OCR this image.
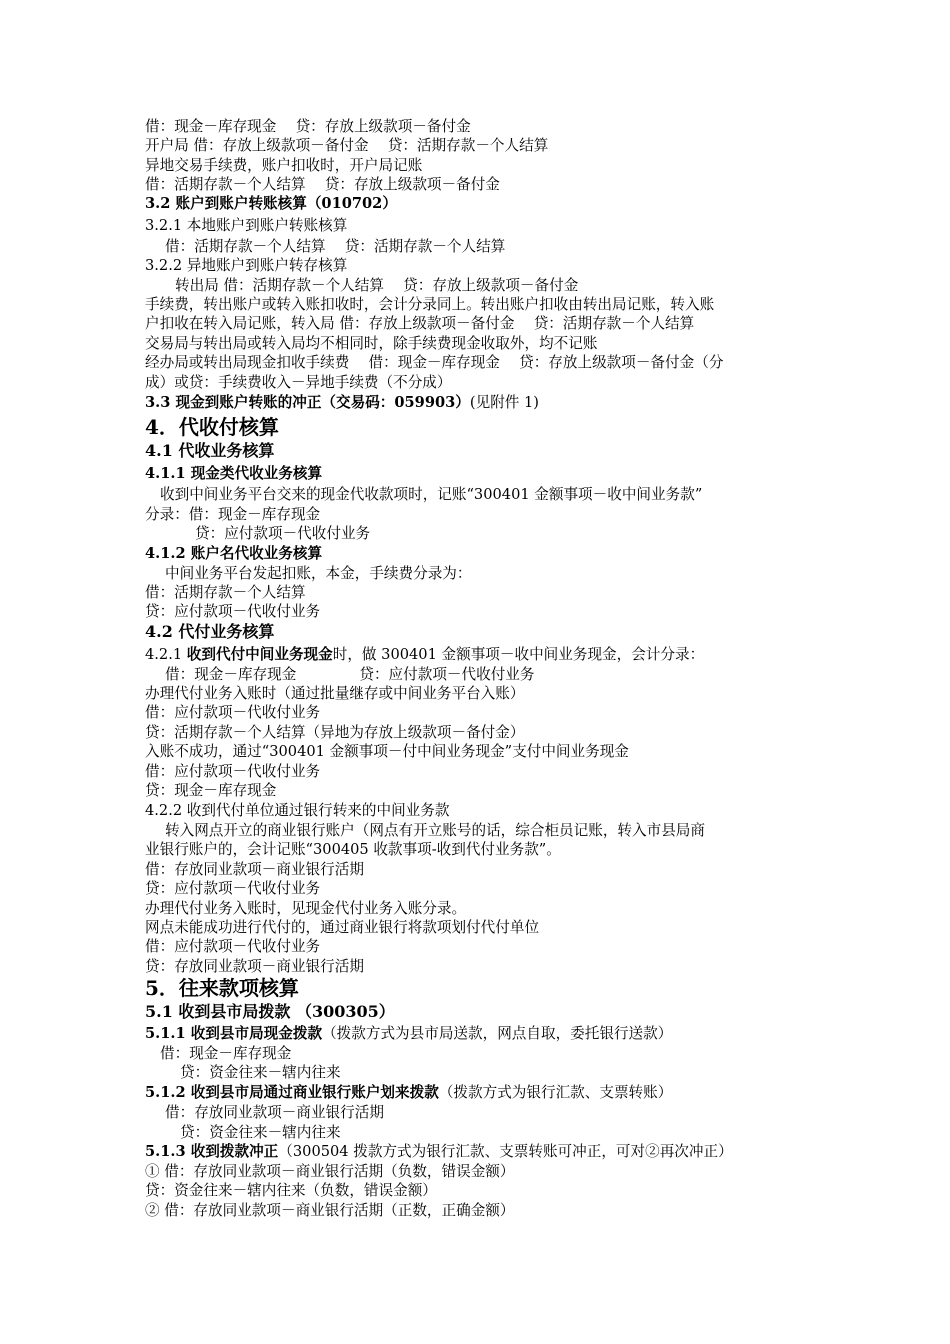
借：现金－库存现金 　贷：存放上级款项－备付金
开户局 借：存放上级款项－备付金 　贷：活期存款－个人结算
异地交易手续费，账户扣收时，开户局记账
借：活期存款－个人结算 　贷：存放上级款项－备付金
3.2 账户到账户转账核算（010702）
3.2.1 本地账户到账户转账核算
借：活期存款－个人结算 　贷：活期存款－个人结算
3.2.2 异地账户到账户转存核算
转出局 借：活期存款－个人结算 　贷：存放上级款项－备付金
手续费，转出账户或转入账扣收时，会计分录同上。转出账户扣收由转出局记账，转入账
户扣收在转入局记账，转入局 借：存放上级款项－备付金 　贷：活期存款－个人结算
交易局与转出局或转入局均不相同时，除手续费现金收取外，均不记账
经办局或转出局现金扣收手续费 　借：现金－库存现金 　贷：存放上级款项－备付金（分
成）或贷：手续费收入－异地手续费（不分成）
3.3 现金到账户转账的冲正（交易码：059903）(见附件 1)
4．代收付核算
4.1 代收业务核算
4.1.1 现金类代收业务核算
收到中间业务平台交来的现金代收款项时，记账“300401 金额事项－收中间业务款”
分录：借：现金－库存现金
贷：应付款项－代收付业务
4.1.2 账户名代收业务核算
中间业务平台发起扣账，本金，手续费分录为：
借：活期存款－个人结算
贷：应付款项－代收付业务
4.2 代付业务核算
4.2.1 收到代付中间业务现金时，做 300401 金额事项－收中间业务现金，会计分录：
借：现金－库存现金 　　　　贷：应付款项－代收付业务
办理代付业务入账时（通过批量继存或中间业务平台入账）
借：应付款项－代收付业务
贷：活期存款－个人结算（异地为存放上级款项－备付金）
入账不成功，通过“300401 金额事项－付中间业务现金”支付中间业务现金
借：应付款项－代收付业务
贷：现金－库存现金
4.2.2 收到代付单位通过银行转来的中间业务款
转入网点开立的商业银行账户（网点有开立账号的话，综合柜员记账，转入市县局商
业银行账户的，会计记账“300405 收款事项-收到代付业务款”。
借：存放同业款项－商业银行活期
贷：应付款项－代收付业务
办理代付业务入账时，见现金代付业务入账分录。
网点未能成功进行代付的，通过商业银行将款项划付代付单位
借：应付款项－代收付业务
贷：存放同业款项－商业银行活期
5．往来款项核算
5.1 收到县市局拨款 （300305）
5.1.1 收到县市局现金拨款（拨款方式为县市局送款，网点自取，委托银行送款）
借：现金－库存现金
贷：资金往来－辖内往来
5.1.2 收到县市局通过商业银行账户划来拨款（拨款方式为银行汇款、支票转账）
借：存放同业款项－商业银行活期
贷：资金往来－辖内往来
5.1.3 收到拨款冲正（300504 拨款方式为银行汇款、支票转账可冲正，可对②再次冲正）
① 借：存放同业款项－商业银行活期（负数，错误金额）
贷：资金往来－辖内往来（负数，错误金额）
② 借：存放同业款项－商业银行活期（正数，正确金额）
